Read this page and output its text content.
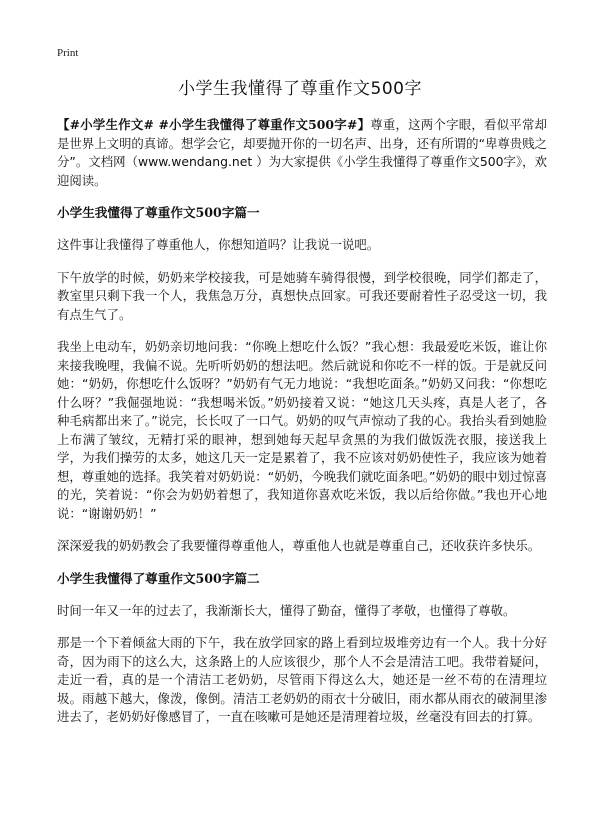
Print
小学生我懂得了尊重作文500字

【#小学生作文# #小学生我懂得了尊重作文500字#】尊重，这两个字眼，看似平常却是世界上文明的真谛。想学会它，却要抛开你的一切名声、出身，还有所谓的“卑尊贵贱之分”。文档网（www.wendang.net ）为大家提供《小学生我懂得了尊重作文500字》，欢迎阅读。

小学生我懂得了尊重作文500字篇一

这件事让我懂得了尊重他人，你想知道吗？让我说一说吧。

下午放学的时候，奶奶来学校接我，可是她骑车骑得很慢，到学校很晚，同学们都走了，教室里只剩下我一个人，我焦急万分，真想快点回家。可我还要耐着性子忍受这一切，我有点生气了。

我坐上电动车，奶奶亲切地问我：“你晚上想吃什么饭？”我心想：我最爱吃米饭，谁让你来接我晚哩，我偏不说。先听听奶奶的想法吧。然后就说和你吃不一样的饭。于是就反问她：“奶奶，你想吃什么饭呀？”奶奶有气无力地说：“我想吃面条。”奶奶又问我：“你想吃什么呀？”我倔强地说：“我想喝米饭。”奶奶接着又说：“她这几天头疼，真是人老了，各种毛病都出来了。”说完，长长叹了一口气。奶奶的叹气声惊动了我的心。我抬头看到她脸上布满了皱纹，无精打采的眼神，想到她每天起早贪黑的为我们做饭洗衣服，接送我上学，为我们操劳的太多，她这几天一定是累着了，我不应该对奶奶使性子，我应该为她着想，尊重她的选择。我笑着对奶奶说：“奶奶，今晚我们就吃面条吧。”奶奶的眼中划过惊喜的光，笑着说：“你会为奶奶着想了，我知道你喜欢吃米饭，我以后给你做。”我也开心地说：“谢谢奶奶！”

深深爱我的奶奶教会了我要懂得尊重他人，尊重他人也就是尊重自己，还收获许多快乐。

小学生我懂得了尊重作文500字篇二

时间一年又一年的过去了，我渐渐长大，懂得了勤奋，懂得了孝敬，也懂得了尊敬。

那是一个下着倾盆大雨的下午，我在放学回家的路上看到垃圾堆旁边有一个人。我十分好奇，因为雨下的这么大，这条路上的人应该很少，那个人不会是清洁工吧。我带着疑问，走近一看，真的是一个清洁工老奶奶，尽管雨下得这么大，她还是一丝不苟的在清理垃圾。雨越下越大，像泼，像倒。清洁工老奶奶的雨衣十分破旧，雨水都从雨衣的破洞里渗进去了，老奶奶好像感冒了，一直在咳嗽可是她还是清理着垃圾，丝毫没有回去的打算。
